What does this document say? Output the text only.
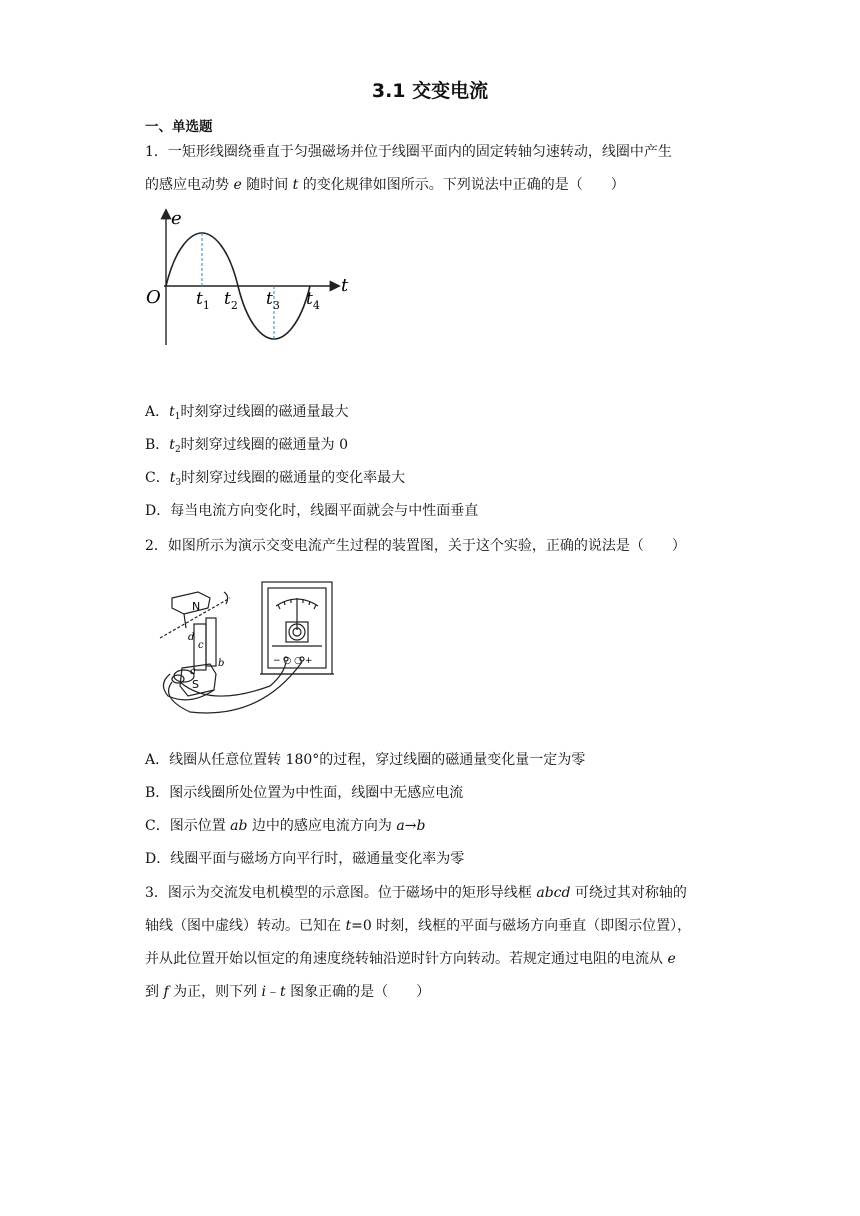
3.1 交变电流
一、单选题
1．一矩形线圈绕垂直于匀强磁场并位于线圈平面内的固定转轴匀速转动，线圈中产生
的感应电动势 e 随时间 t 的变化规律如图所示。下列说法中正确的是（　　）
e
t
O $t_1$ $t_2$ $t_3$ $t_4$
A．$t_1$时刻穿过线圈的磁通量最大
B．$t_2$时刻穿过线圈的磁通量为 0
C．$t_3$时刻穿过线圈的磁通量的变化率最大
D．每当电流方向变化时，线圈平面就会与中性面垂直
2．如图所示为演示交变电流产生过程的装置图，关于这个实验，正确的说法是（　　）
− ○ ○ +
N
S
d
c
b
a
A．线圈从任意位置转 180°的过程，穿过线圈的磁通量变化量一定为零
B．图示线圈所处位置为中性面，线圈中无感应电流
C．图示位置 ab 边中的感应电流方向为 a→b
D．线圈平面与磁场方向平行时，磁通量变化率为零
3．图示为交流发电机模型的示意图。位于磁场中的矩形导线框 abcd 可绕过其对称轴的
轴线（图中虚线）转动。已知在 t=0 时刻，线框的平面与磁场方向垂直（即图示位置），
并从此位置开始以恒定的角速度绕转轴沿逆时针方向转动。若规定通过电阻的电流从 e
到 f 为正，则下列 i﹣t 图象正确的是（　　）
